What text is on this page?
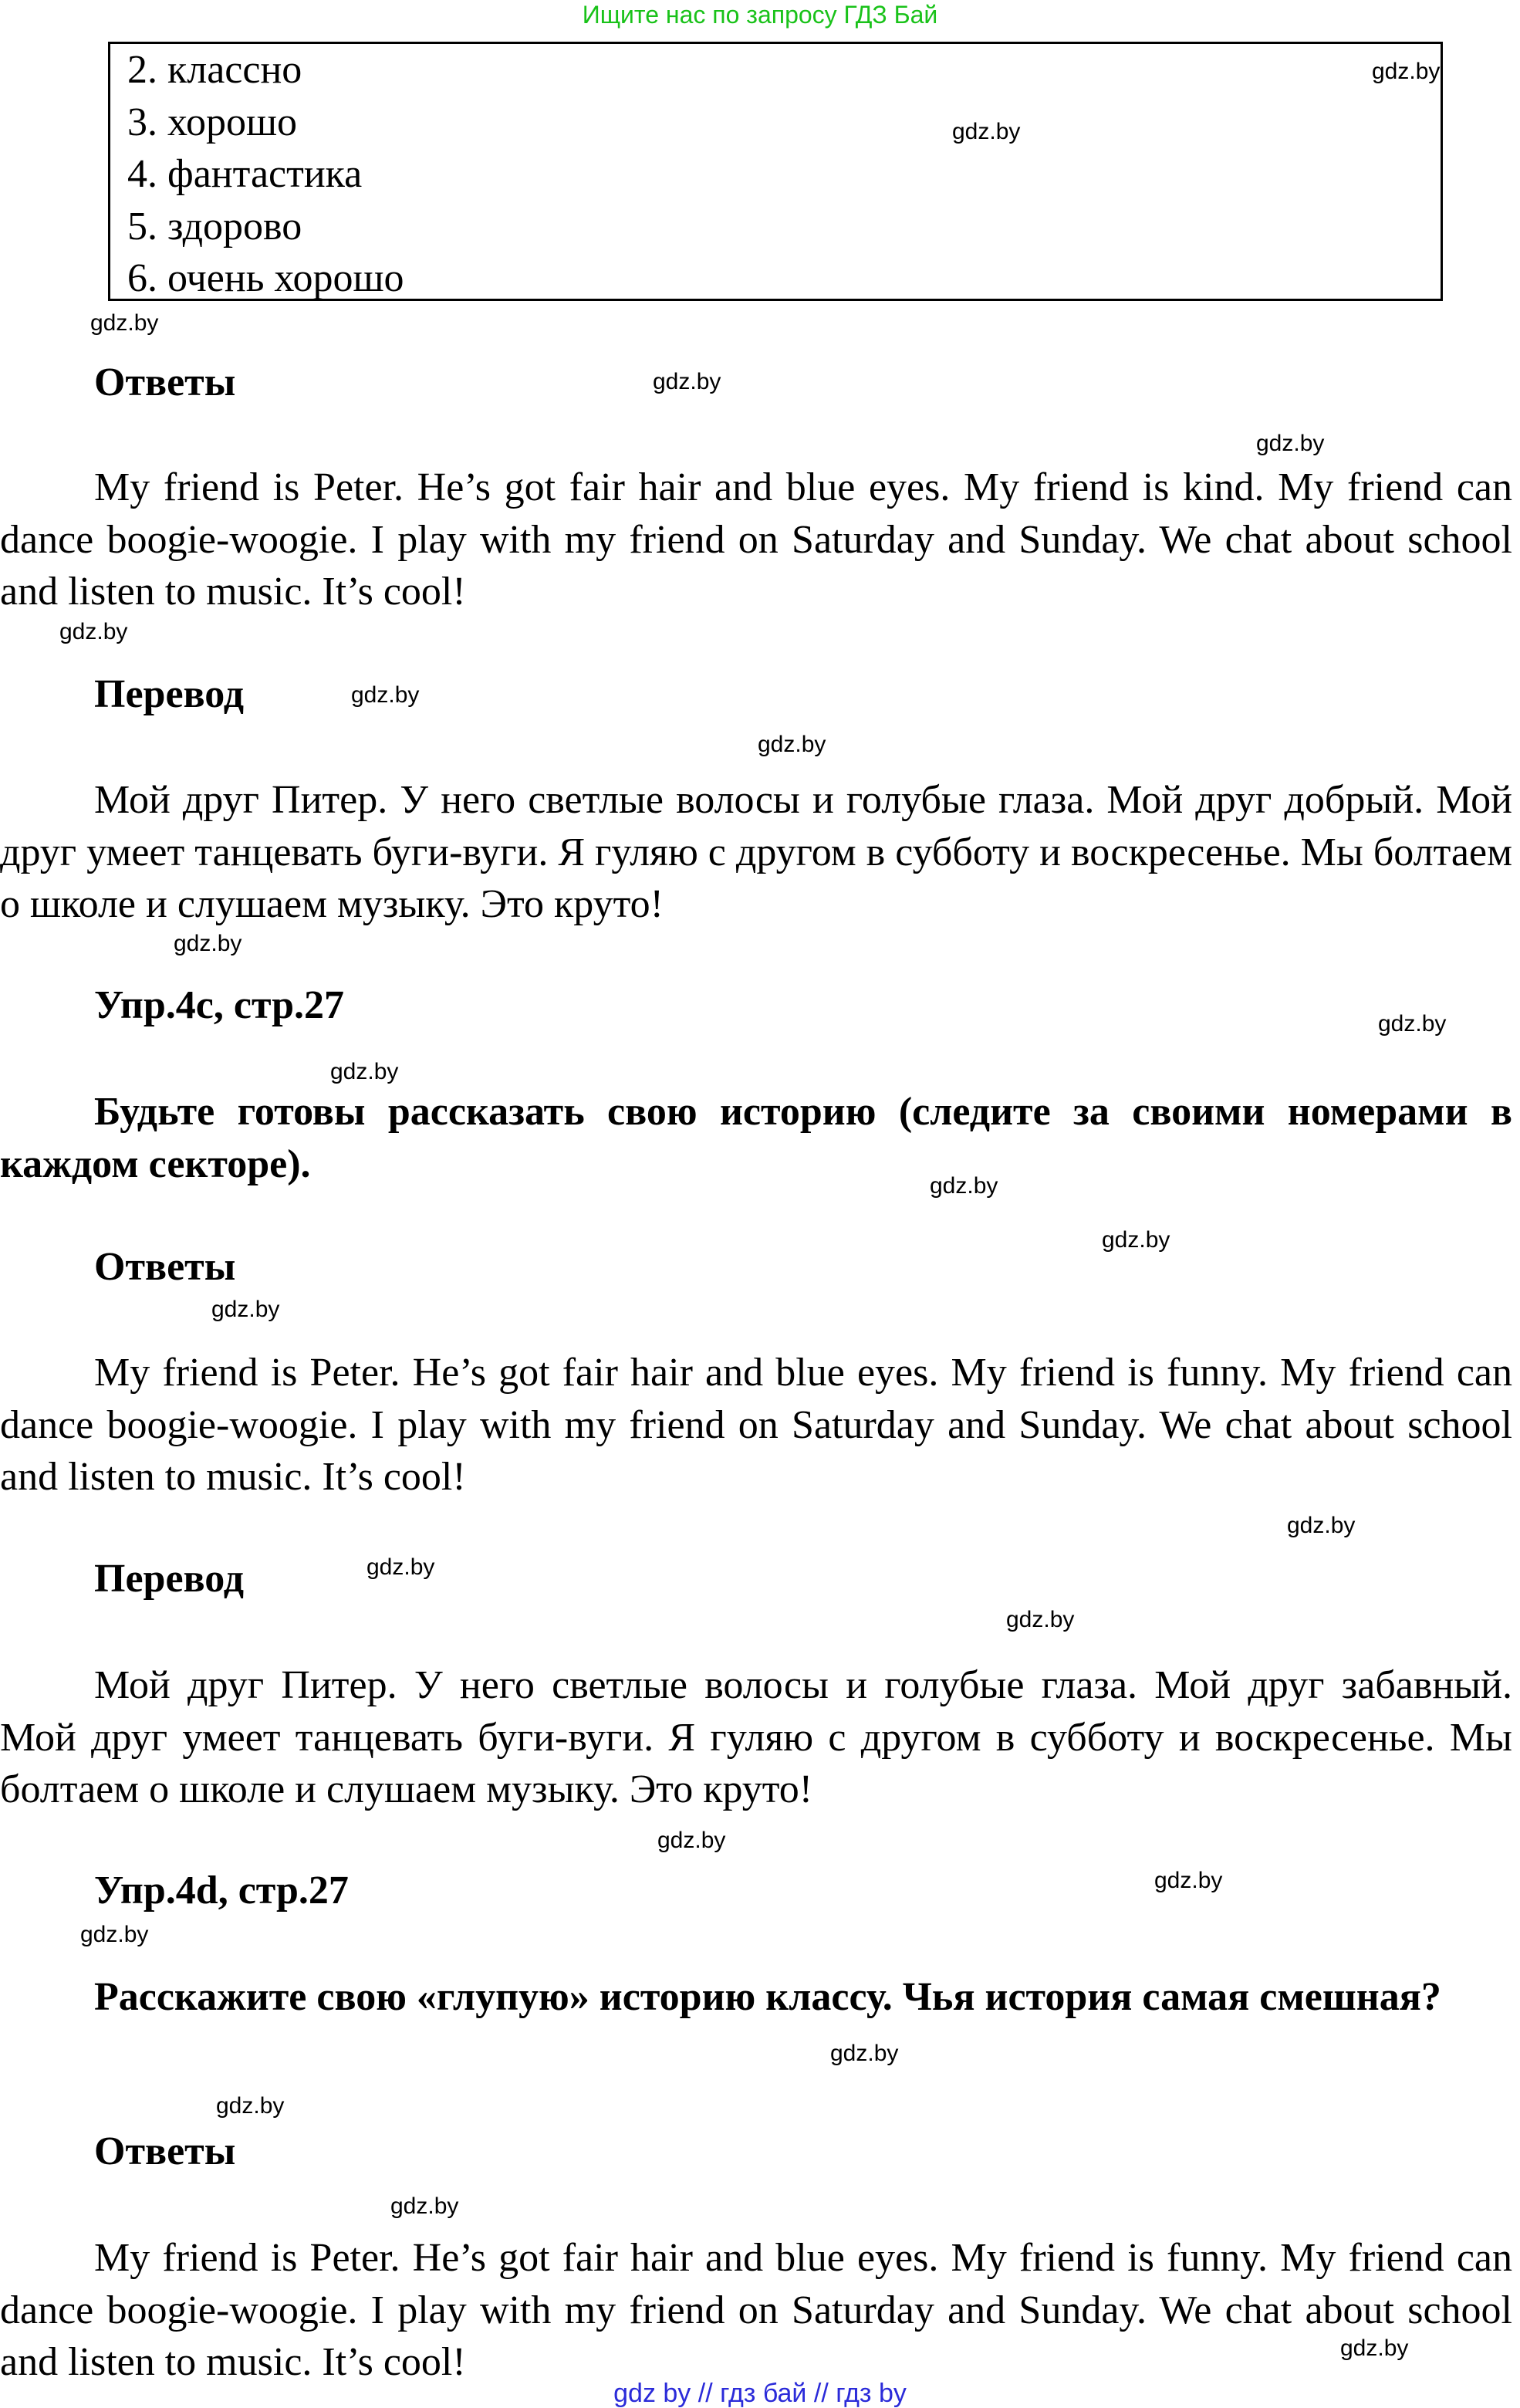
Ищите нас по запросу ГДЗ Бай
2. классно
3. хорошо
4. фантастика
5. здорово
6. очень хорошо
Ответы
My friend is Peter. He’s got fair hair and blue eyes. My friend is kind. My friend can dance boogie-woogie. I play with my friend on Saturday and Sunday. We chat about school and listen to music. It’s cool!
Перевод
Мой друг Питер. У него светлые волосы и голубые глаза. Мой друг добрый. Мой друг умеет танцевать буги-вуги. Я гуляю с другом в субботу и воскресенье. Мы болтаем о школе и слушаем музыку. Это круто!
Упр.4c, стр.27
Будьте готовы рассказать свою историю (следите за своими номерами в каждом секторе).
Ответы
My friend is Peter. He’s got fair hair and blue eyes. My friend is funny. My friend can dance boogie-woogie. I play with my friend on Saturday and Sunday. We chat about school and listen to music. It’s cool!
Перевод
Мой друг Питер. У него светлые волосы и голубые глаза. Мой друг забавный. Мой друг умеет танцевать буги-вуги. Я гуляю с другом в субботу и воскресенье. Мы болтаем о школе и слушаем музыку. Это круто!
Упр.4d, стр.27
Расскажите свою «глупую» историю классу. Чья история самая смешная?
Ответы
My friend is Peter. He’s got fair hair and blue eyes. My friend is funny. My friend can dance boogie-woogie. I play with my friend on Saturday and Sunday. We chat about school and listen to music. It’s cool!
gdz.by
gdz.by
gdz.by
gdz.by
gdz.by
gdz.by
gdz.by
gdz.by
gdz.by
gdz.by
gdz.by
gdz.by
gdz.by
gdz.by
gdz.by
gdz.by
gdz.by
gdz.by
gdz.by
gdz.by
gdz.by
gdz.by
gdz.by
gdz.by
gdz by // гдз бай // гдз by
